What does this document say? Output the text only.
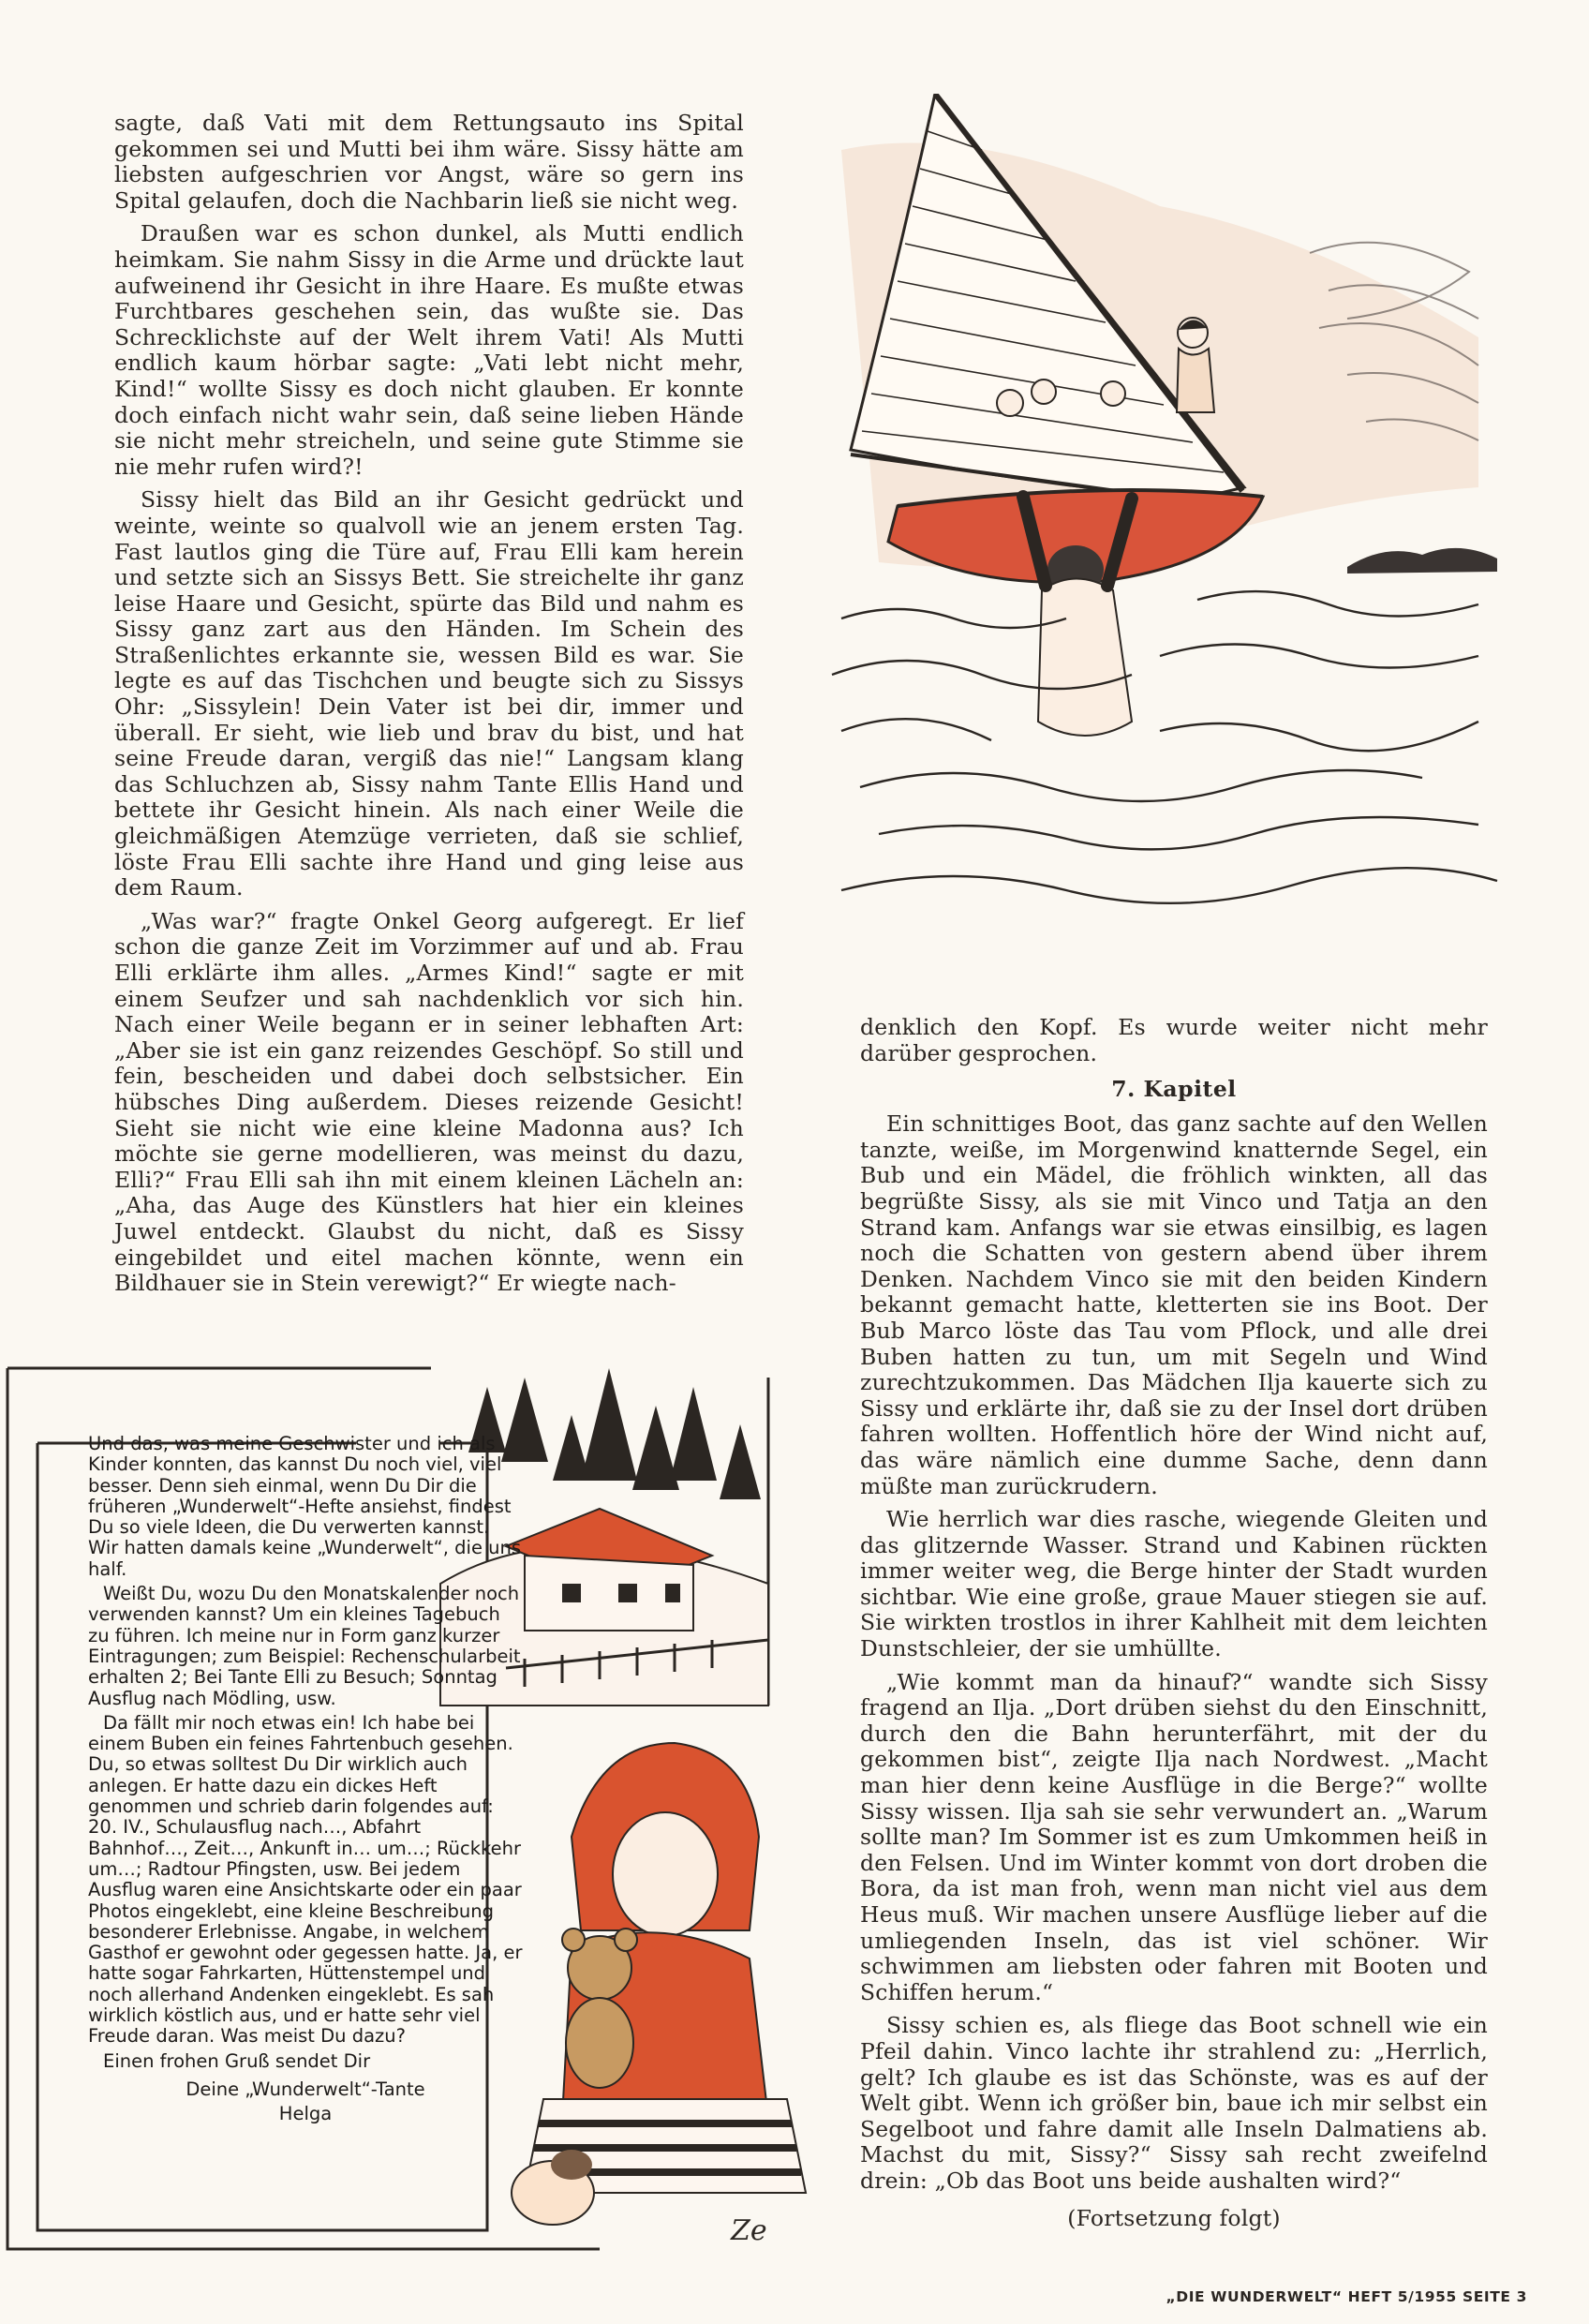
sagte, daß Vati mit dem Rettungsauto ins Spital gekommen sei und Mutti bei ihm wäre. Sissy hätte am liebsten aufgeschrien vor Angst, wäre so gern ins Spital gelaufen, doch die Nachbarin ließ sie nicht weg.

Draußen war es schon dunkel, als Mutti endlich heimkam. Sie nahm Sissy in die Arme und drückte laut aufweinend ihr Gesicht in ihre Haare. Es mußte etwas Furchtbares geschehen sein, das wußte sie. Das Schrecklichste auf der Welt ihrem Vati! Als Mutti endlich kaum hörbar sagte: „Vati lebt nicht mehr, Kind!“ wollte Sissy es doch nicht glauben. Er konnte doch einfach nicht wahr sein, daß seine lieben Hände sie nicht mehr streicheln, und seine gute Stimme sie nie mehr rufen wird?!

Sissy hielt das Bild an ihr Gesicht gedrückt und weinte, weinte so qualvoll wie an jenem ersten Tag. Fast lautlos ging die Türe auf, Frau Elli kam herein und setzte sich an Sissys Bett. Sie streichelte ihr ganz leise Haare und Gesicht, spürte das Bild und nahm es Sissy ganz zart aus den Händen. Im Schein des Straßenlichtes erkannte sie, wessen Bild es war. Sie legte es auf das Tischchen und beugte sich zu Sissys Ohr: „Sissylein! Dein Vater ist bei dir, immer und überall. Er sieht, wie lieb und brav du bist, und hat seine Freude daran, vergiß das nie!“ Langsam klang das Schluchzen ab, Sissy nahm Tante Ellis Hand und bettete ihr Gesicht hinein. Als nach einer Weile die gleichmäßigen Atemzüge verrieten, daß sie schlief, löste Frau Elli sachte ihre Hand und ging leise aus dem Raum.

„Was war?“ fragte Onkel Georg aufgeregt. Er lief schon die ganze Zeit im Vorzimmer auf und ab. Frau Elli erklärte ihm alles. „Armes Kind!“ sagte er mit einem Seufzer und sah nachdenklich vor sich hin. Nach einer Weile begann er in seiner lebhaften Art: „Aber sie ist ein ganz reizendes Geschöpf. So still und fein, bescheiden und dabei doch selbstsicher. Ein hübsches Ding außerdem. Dieses reizende Gesicht! Sieht sie nicht wie eine kleine Madonna aus? Ich möchte sie gerne modellieren, was meinst du dazu, Elli?“ Frau Elli sah ihn mit einem kleinen Lächeln an: „Aha, das Auge des Künstlers hat hier ein kleines Juwel entdeckt. Glaubst du nicht, daß es Sissy eingebildet und eitel machen könnte, wenn ein Bildhauer sie in Stein verewigt?“ Er wiegte nach-

denklich den Kopf. Es wurde weiter nicht mehr darüber gesprochen.

7. Kapitel

Ein schnittiges Boot, das ganz sachte auf den Wellen tanzte, weiße, im Morgenwind knatternde Segel, ein Bub und ein Mädel, die fröhlich winkten, all das begrüßte Sissy, als sie mit Vinco und Tatja an den Strand kam. Anfangs war sie etwas einsilbig, es lagen noch die Schatten von gestern abend über ihrem Denken. Nachdem Vinco sie mit den beiden Kindern bekannt gemacht hatte, kletterten sie ins Boot. Der Bub Marco löste das Tau vom Pflock, und alle drei Buben hatten zu tun, um mit Segeln und Wind zurechtzukommen. Das Mädchen Ilja kauerte sich zu Sissy und erklärte ihr, daß sie zu der Insel dort drüben fahren wollten. Hoffentlich höre der Wind nicht auf, das wäre nämlich eine dumme Sache, denn dann müßte man zurückrudern.

Wie herrlich war dies rasche, wiegende Gleiten und das glitzernde Wasser. Strand und Kabinen rückten immer weiter weg, die Berge hinter der Stadt wurden sichtbar. Wie eine große, graue Mauer stiegen sie auf. Sie wirkten trostlos in ihrer Kahlheit mit dem leichten Dunstschleier, der sie umhüllte.

„Wie kommt man da hinauf?“ wandte sich Sissy fragend an Ilja. „Dort drüben siehst du den Einschnitt, durch den die Bahn herunterfährt, mit der du gekommen bist“, zeigte Ilja nach Nordwest. „Macht man hier denn keine Ausflüge in die Berge?“ wollte Sissy wissen. Ilja sah sie sehr verwundert an. „Warum sollte man? Im Sommer ist es zum Umkommen heiß in den Felsen. Und im Winter kommt von dort droben die Bora, da ist man froh, wenn man nicht viel aus dem Heus muß. Wir machen unsere Ausflüge lieber auf die umliegenden Inseln, das ist viel schöner. Wir schwimmen am liebsten oder fahren mit Booten und Schiffen herum.“

Sissy schien es, als fliege das Boot schnell wie ein Pfeil dahin. Vinco lachte ihr strahlend zu: „Herrlich, gelt? Ich glaube es ist das Schönste, was es auf der Welt gibt. Wenn ich größer bin, baue ich mir selbst ein Segelboot und fahre damit alle Inseln Dalmatiens ab. Machst du mit, Sissy?“ Sissy sah recht zweifelnd drein: „Ob das Boot uns beide aushalten wird?“

(Fortsetzung folgt)

Ze

Und das, was meine Geschwister und ich als Kinder konnten, das kannst Du noch viel, viel besser. Denn sieh einmal, wenn Du Dir die früheren „Wunderwelt“-Hefte ansiehst, findest Du so viele Ideen, die Du verwerten kannst. Wir hatten damals keine „Wunderwelt“, die uns half.

Weißt Du, wozu Du den Monatskalender noch verwenden kannst? Um ein kleines Tagebuch zu führen. Ich meine nur in Form ganz kurzer Eintragungen; zum Beispiel: Rechenschularbeit erhalten 2; Bei Tante Elli zu Besuch; Sonntag Ausflug nach Mödling, usw.

Da fällt mir noch etwas ein! Ich habe bei einem Buben ein feines Fahrtenbuch gesehen. Du, so etwas solltest Du Dir wirklich auch anlegen. Er hatte dazu ein dickes Heft genommen und schrieb darin folgendes auf: 20. IV., Schulausflug nach…, Abfahrt Bahnhof…, Zeit…, Ankunft in… um…; Rückkehr um…; Radtour Pfingsten, usw. Bei jedem Ausflug waren eine Ansichtskarte oder ein paar Photos eingeklebt, eine kleine Beschreibung besonderer Erlebnisse. Angabe, in welchem Gasthof er gewohnt oder gegessen hatte. Ja, er hatte sogar Fahrkarten, Hüttenstempel und noch allerhand Andenken eingeklebt. Es sah wirklich köstlich aus, und er hatte sehr viel Freude daran. Was meist Du dazu?

Einen frohen Gruß sendet Dir

Deine „Wunderwelt“-Tante

Helga

„DIE WUNDERWELT“ HEFT 5/1955 SEITE 3
